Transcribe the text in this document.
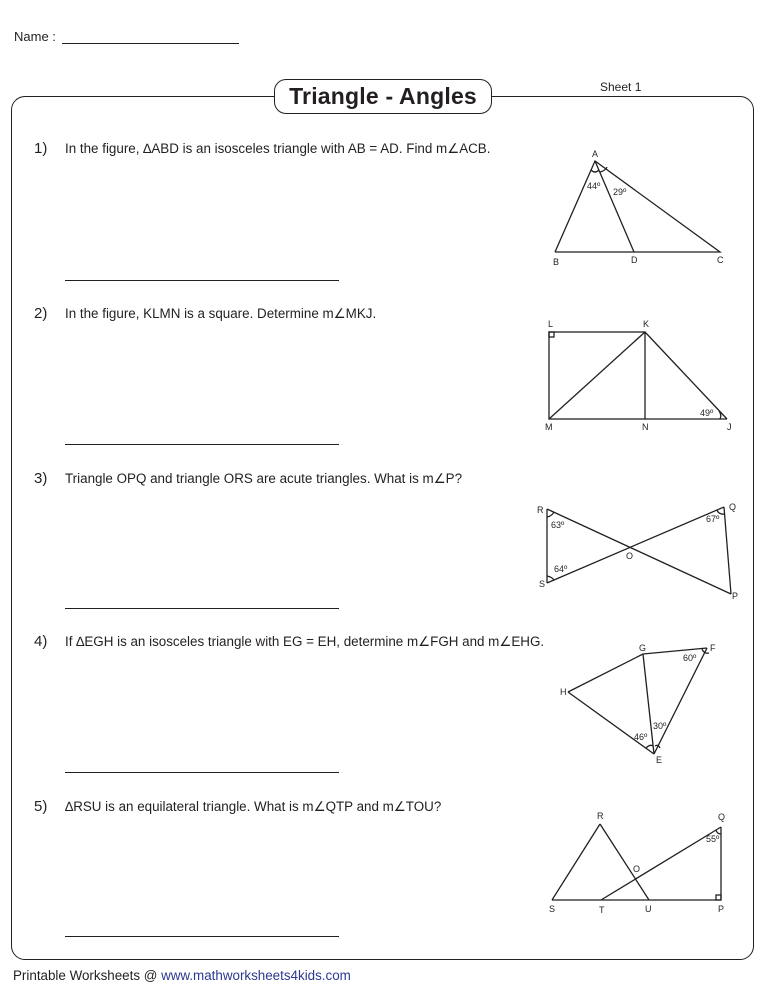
Name :
Triangle - Angles	Sheet 1
1)	In the figure, ∆ABD is an isosceles triangle with AB = AD. Find m∠ACB.	A
B	D	C
44º
29º
2)	In the figure, KLMN is a square. Determine m∠MKJ.
L	K
M	N	J
49º
3)	Triangle OPQ and triangle ORS are acute triangles. What is m∠P?
R	Q
O
S
P
63º
67º
64º
4)	If ∆EGH is an isosceles triangle with EG = EH, determine m∠FGH and m∠EHG.	G	F
H
E
60º
30º
46º
5)	∆RSU is an equilateral triangle. What is m∠QTP and m∠TOU?
R	Q
O
S	T	U	P
55º
Printable Worksheets @ www.mathworksheets4kids.com
